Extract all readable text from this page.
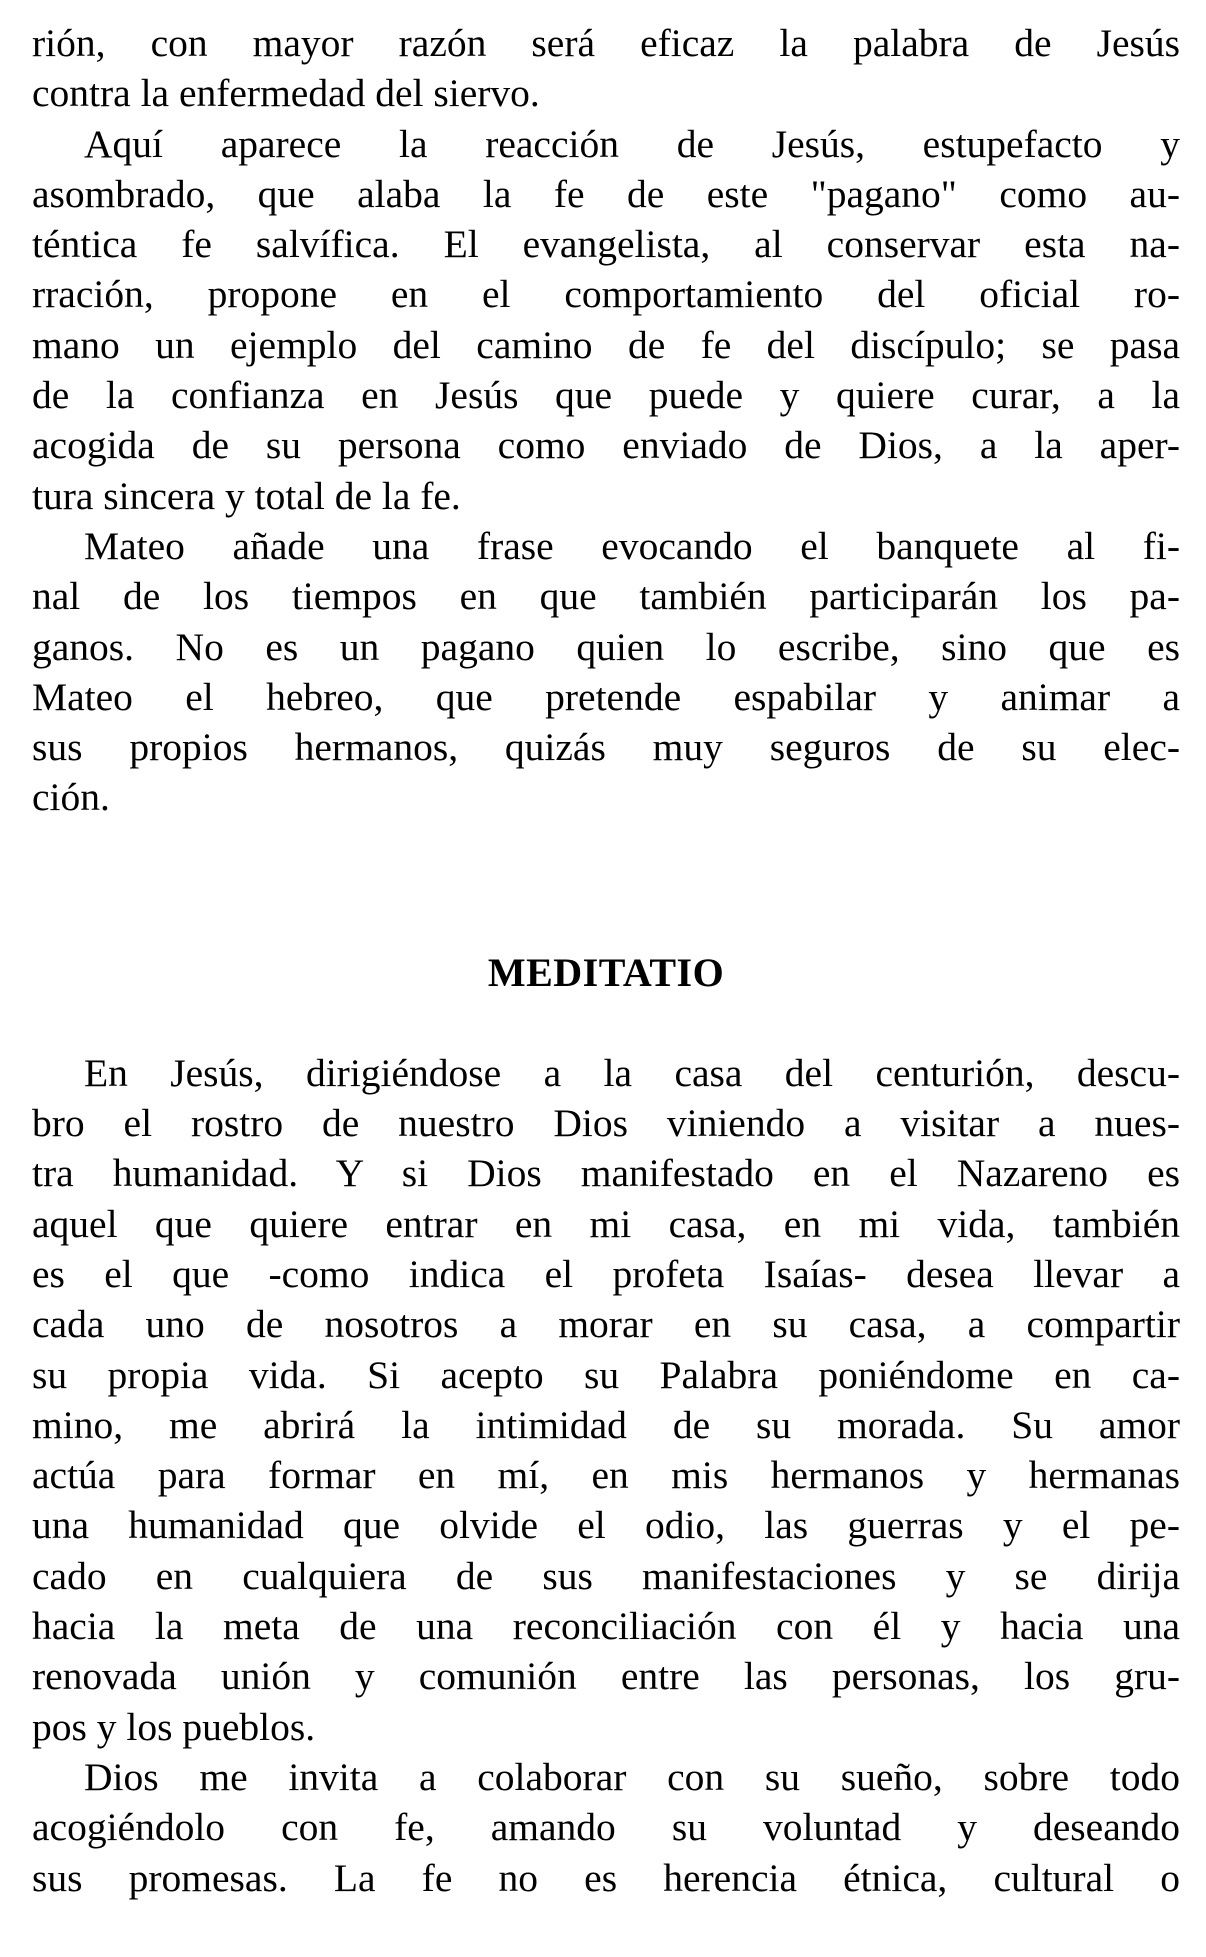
rión, con mayor razón será eficaz la palabra de Jesús
contra la enfermedad del siervo.
Aquí aparece la reacción de Jesús, estupefacto y
asombrado, que alaba la fe de este "pagano" como au-
téntica fe salvífica. El evangelista, al conservar esta na-
rración, propone en el comportamiento del oficial ro-
mano un ejemplo del camino de fe del discípulo; se pasa
de la confianza en Jesús que puede y quiere curar, a la
acogida de su persona como enviado de Dios, a la aper-
tura sincera y total de la fe.
Mateo añade una frase evocando el banquete al fi-
nal de los tiempos en que también participarán los pa-
ganos. No es un pagano quien lo escribe, sino que es
Mateo el hebreo, que pretende espabilar y animar a
sus propios hermanos, quizás muy seguros de su elec-
ción.
MEDITATIO
En Jesús, dirigiéndose a la casa del centurión, descu-
bro el rostro de nuestro Dios viniendo a visitar a nues-
tra humanidad. Y si Dios manifestado en el Nazareno es
aquel que quiere entrar en mi casa, en mi vida, también
es el que -como indica el profeta Isaías- desea llevar a
cada uno de nosotros a morar en su casa, a compartir
su propia vida. Si acepto su Palabra poniéndome en ca-
mino, me abrirá la intimidad de su morada. Su amor
actúa para formar en mí, en mis hermanos y hermanas
una humanidad que olvide el odio, las guerras y el pe-
cado en cualquiera de sus manifestaciones y se dirija
hacia la meta de una reconciliación con él y hacia una
renovada unión y comunión entre las personas, los gru-
pos y los pueblos.
Dios me invita a colaborar con su sueño, sobre todo
acogiéndolo con fe, amando su voluntad y deseando
sus promesas. La fe no es herencia étnica, cultural o
